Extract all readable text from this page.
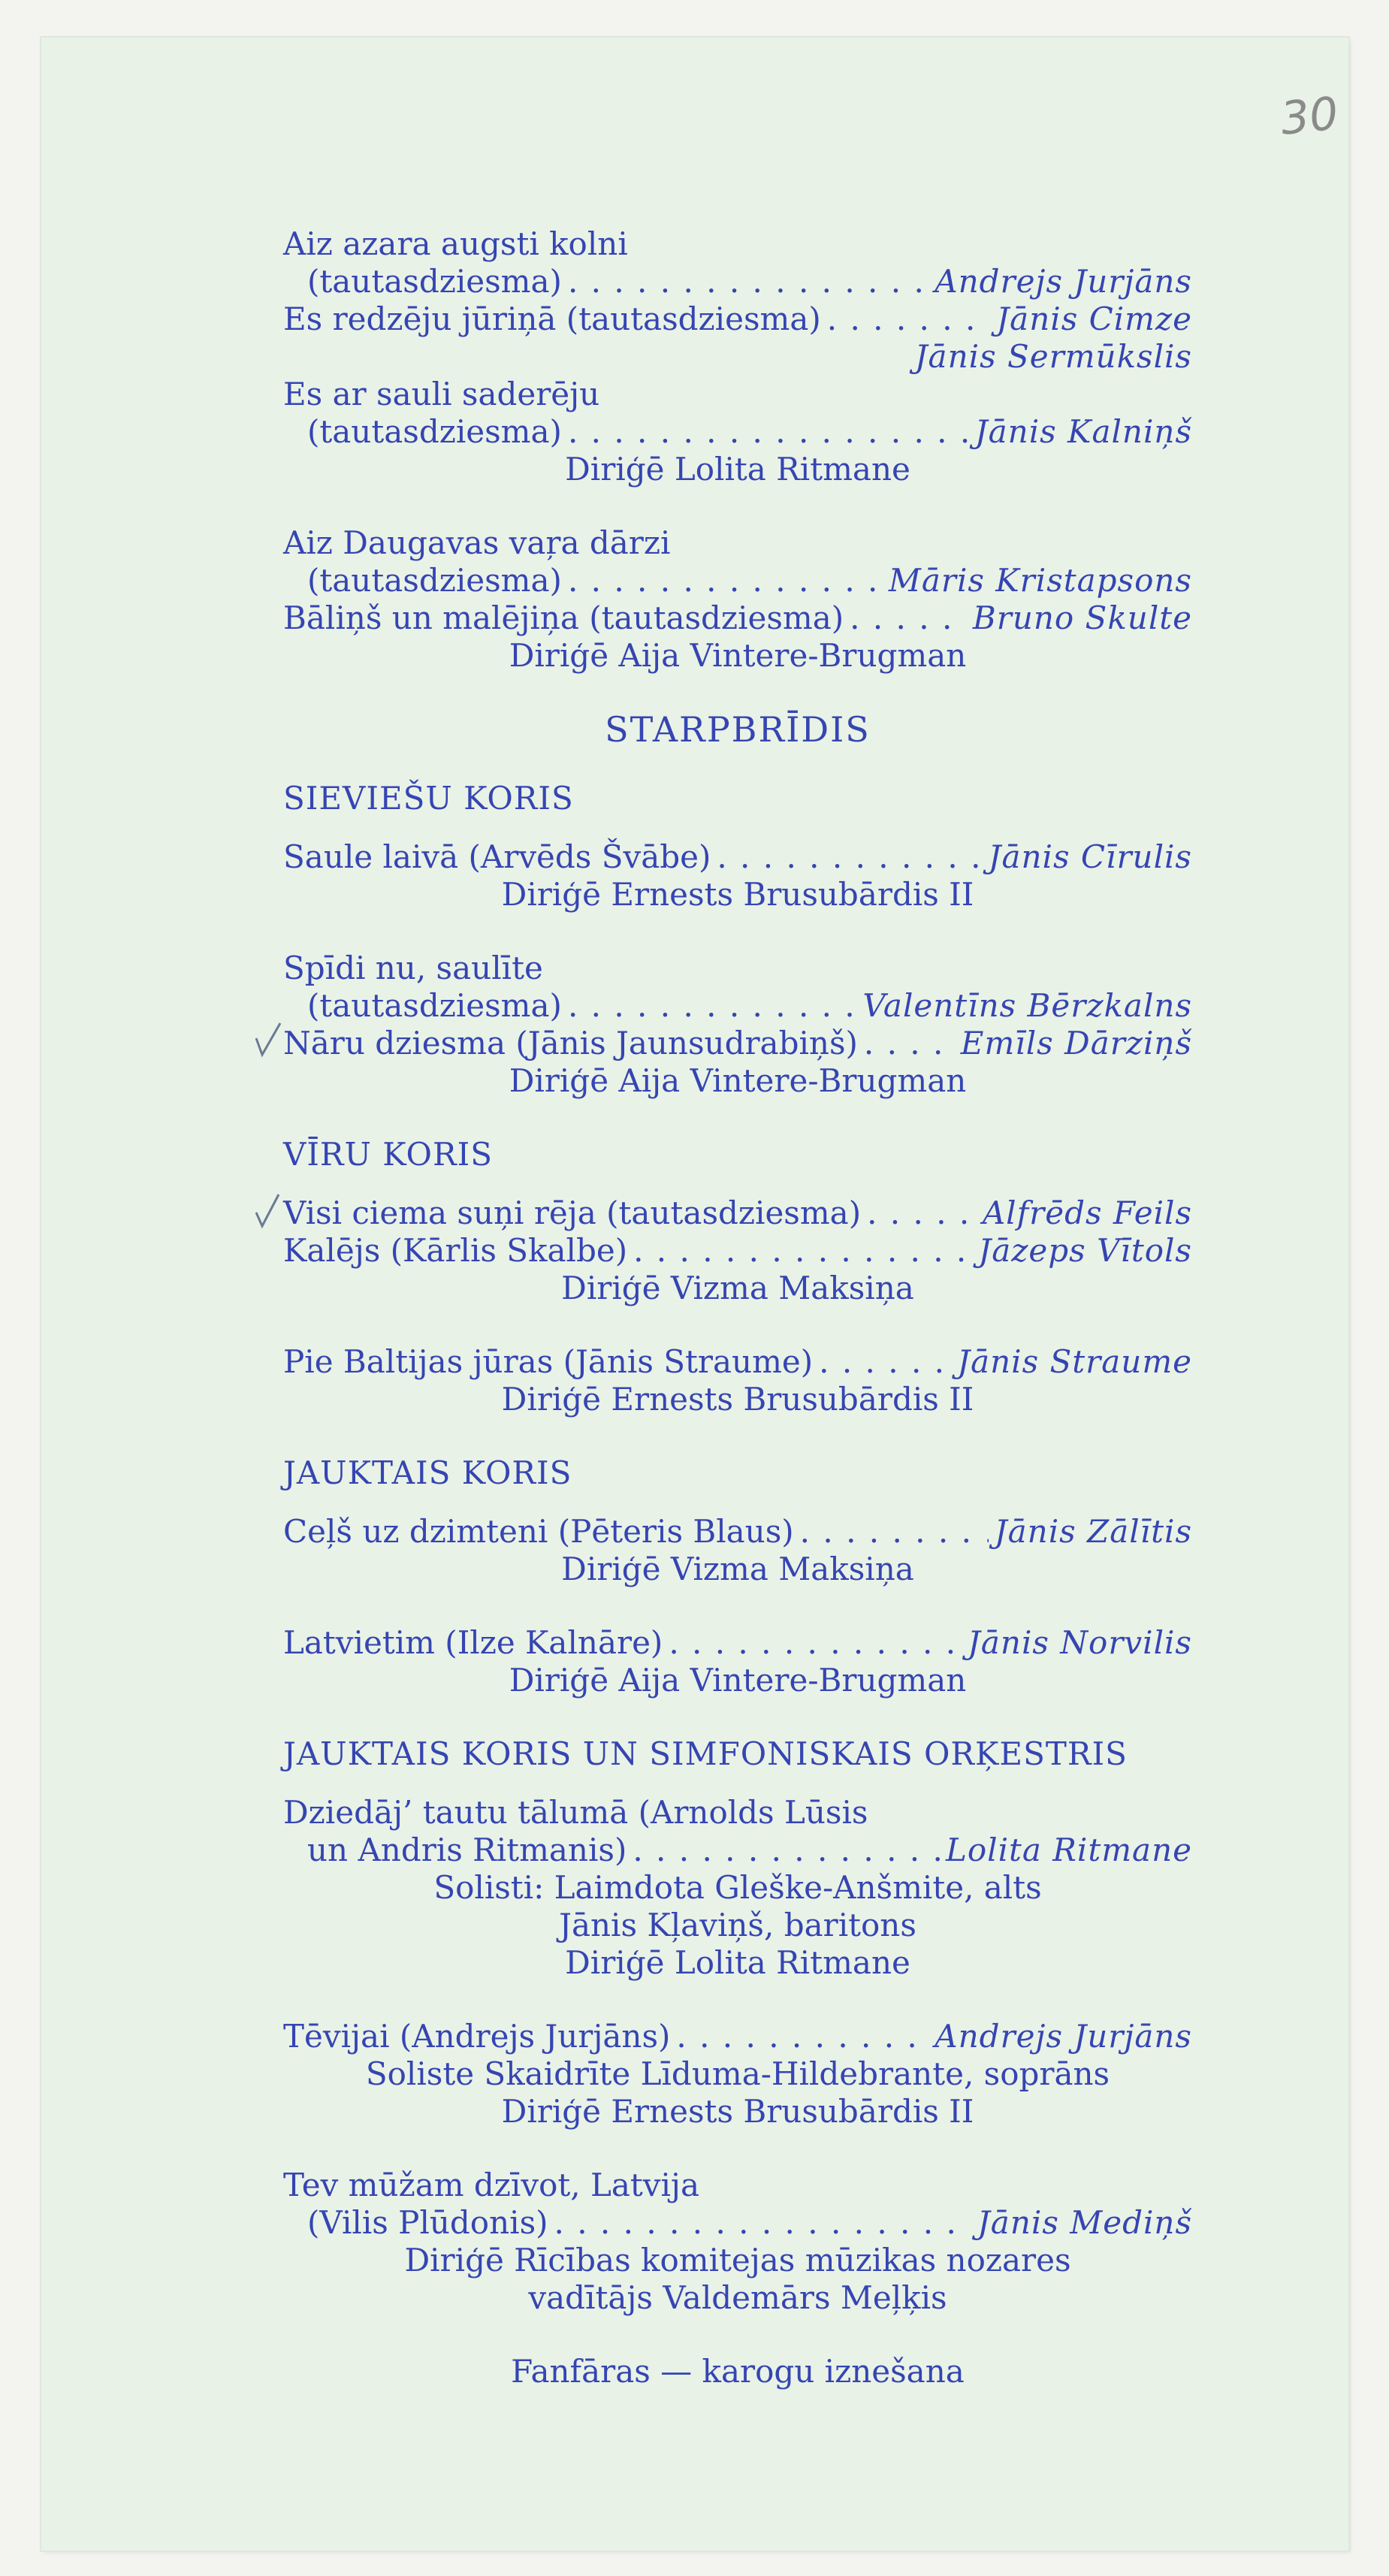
30
Aiz azara augsti kolni
(tautasdziesma) . . .	Andrejs Jurjāns
Es redzēju jūriņā (tautasdziesma) . . .	Jānis Cimze
Jānis Sermūkslis
Es ar sauli saderēju
(tautasdziesma) . . .	Jānis Kalniņš
Diriģē Lolita Ritmane
Aiz Daugavas vaŗa dārzi
(tautasdziesma) . . .	Māris Kristapsons
Bāliņš un malējiņa (tautasdziesma) . . .	Bruno Skulte
Diriģē Aija Vintere-Brugman
STARPBRĪDIS
SIEVIEŠU KORIS
Saule laivā (Arvēds Švābe) . . .	Jānis Cīrulis
Diriģē Ernests Brusubārdis II
Spīdi nu, saulīte
(tautasdziesma) . . .	Valentīns Bērzkalns
Nāru dziesma (Jānis Jaunsudrabiņš) . . .	Emīls Dārziņš
Diriģē Aija Vintere-Brugman
VĪRU KORIS
Visi ciema suņi rēja (tautasdziesma) . . .	Alfrēds Feils
Kalējs (Kārlis Skalbe) . . .	Jāzeps Vītols
Diriģē Vizma Maksiņa
Pie Baltijas jūras (Jānis Straume) . . .	Jānis Straume
Diriģē Ernests Brusubārdis II
JAUKTAIS KORIS
Ceļš uz dzimteni (Pēteris Blaus) . . .	Jānis Zālītis
Diriģē Vizma Maksiņa
Latvietim (Ilze Kalnāre) . . .	Jānis Norvilis
Diriģē Aija Vintere-Brugman
JAUKTAIS KORIS UN SIMFONISKAIS ORĶESTRIS
Dziedāj’ tautu tālumā (Arnolds Lūsis
un Andris Ritmanis) . . .	Lolita Ritmane
Solisti: Laimdota Gleške-Anšmite, alts
Jānis Kļaviņš, baritons
Diriģē Lolita Ritmane
Tēvijai (Andrejs Jurjāns) . . .	Andrejs Jurjāns
Soliste Skaidrīte Līduma-Hildebrante, soprāns
Diriģē Ernests Brusubārdis II
Tev mūžam dzīvot, Latvija
(Vilis Plūdonis) . . .	Jānis Mediņš
Diriģē Rīcības komitejas mūzikas nozares
vadītājs Valdemārs Meļķis
Fanfāras — karogu iznešana
